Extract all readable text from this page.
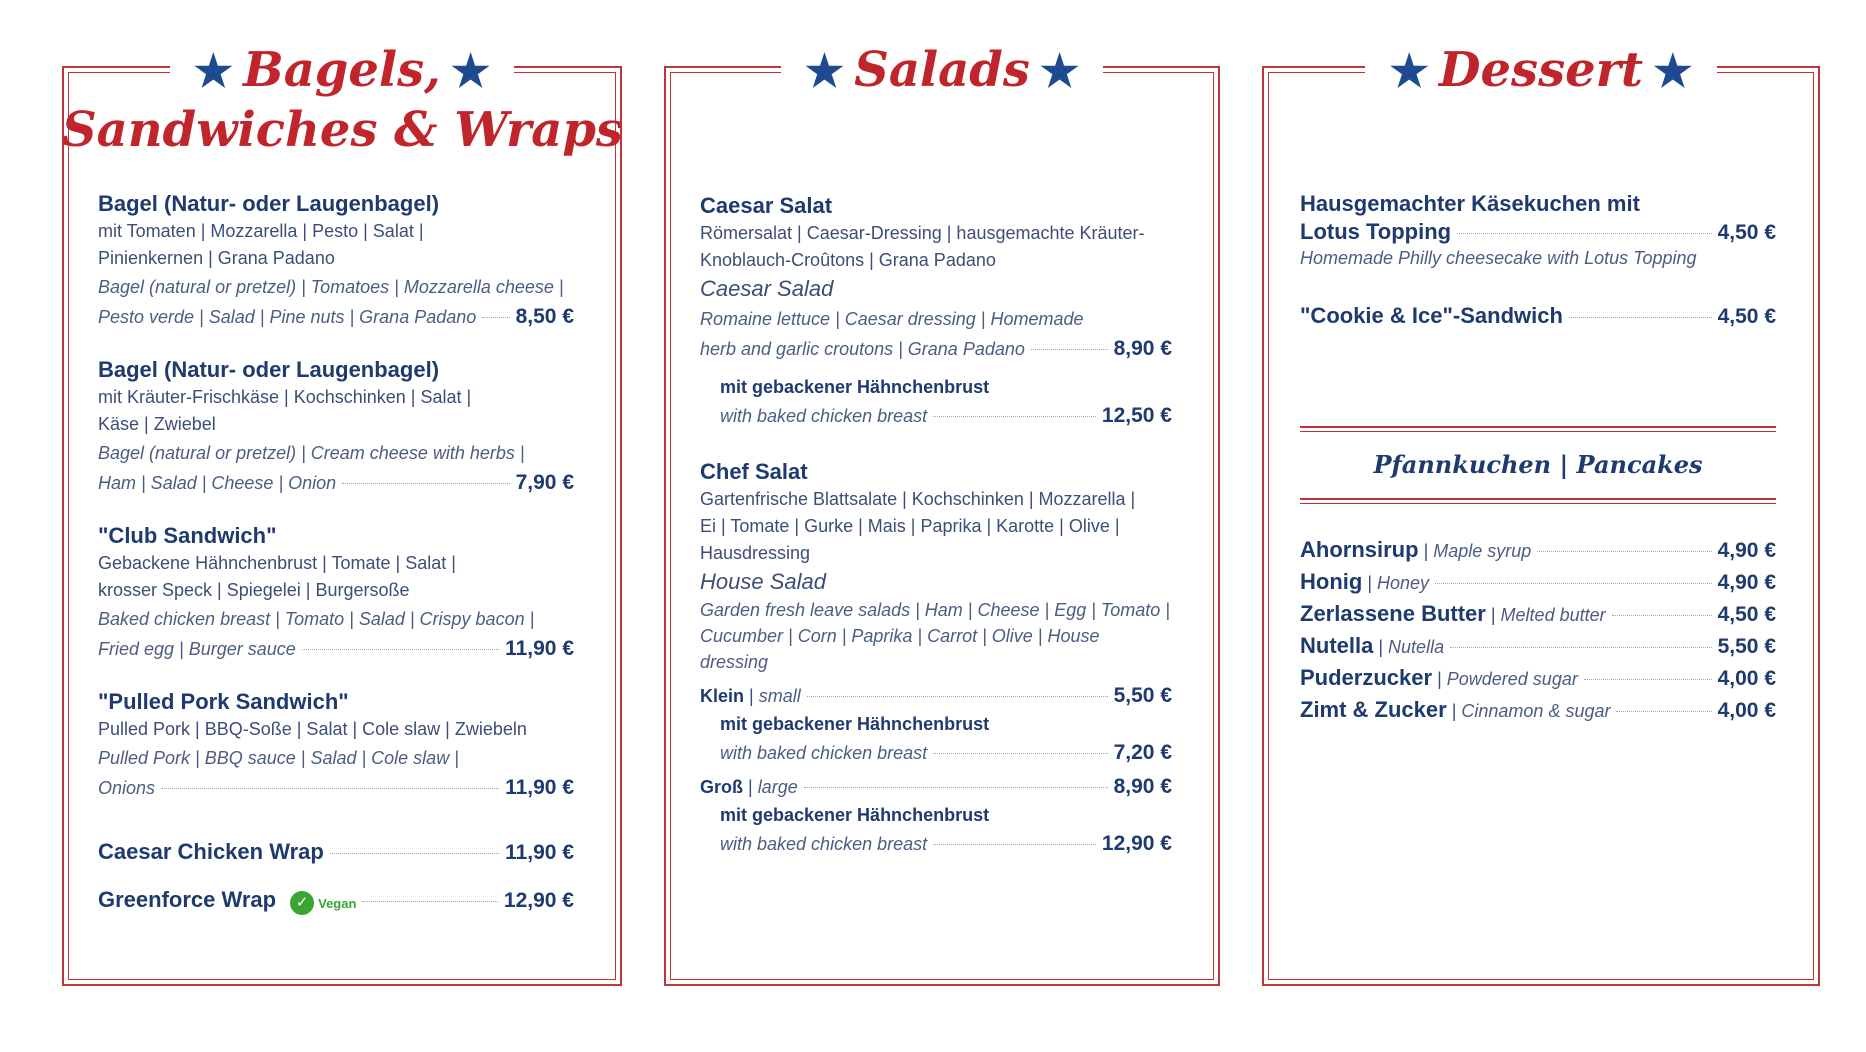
★ Bagels, ★
Sandwiches & Wraps
Bagel (Natur- oder Laugenbagel)
mit Tomaten | Mozzarella | Pesto | Salat |
Pinienkernen | Grana Padano
Bagel (natural or pretzel) | Tomatoes | Mozzarella cheese |
Pesto verde | Salad | Pine nuts | Grana Padano 8,50 €
Bagel (Natur- oder Laugenbagel)
mit Kräuter-Frischkäse | Kochschinken | Salat |
Käse | Zwiebel
Bagel (natural or pretzel) | Cream cheese with herbs |
Ham | Salad | Cheese | Onion	7,90 €
"Club Sandwich"
Gebackene Hähnchenbrust | Tomate | Salat |
krosser Speck | Spiegelei | Burgersoße
Baked chicken breast | Tomato | Salad | Crispy bacon |
Fried egg | Burger sauce	11,90 €
"Pulled Pork Sandwich"
Pulled Pork | BBQ-Soße | Salat | Cole slaw | Zwiebeln
Pulled Pork | BBQ sauce | Salad | Cole slaw |
Onions	11,90 €
Caesar Chicken Wrap	11,90 €
Greenforce Wrap	✓ Vegan	12,90 €
★ Salads ★
Caesar Salat
Römersalat | Caesar-Dressing | hausgemachte Kräuter-
Knoblauch-Croûtons | Grana Padano
Caesar Salad
Romaine lettuce | Caesar dressing | Homemade
herb and garlic croutons | Grana Padano	8,90 €
mit gebackener Hähnchenbrust
with baked chicken breast	12,50 €
Chef Salat
Gartenfrische Blattsalate | Kochschinken | Mozzarella |
Ei | Tomate | Gurke | Mais | Paprika | Karotte | Olive |
Hausdressing
House Salad
Garden fresh leave salads | Ham | Cheese | Egg | Tomato |
Cucumber | Corn | Paprika | Carrot | Olive | House dressing
Klein | small	5,50 €
mit gebackener Hähnchenbrust
with baked chicken breast	7,20 €
Groß | large	8,90 €
mit gebackener Hähnchenbrust
with baked chicken breast	12,90 €
★ Dessert ★
Hausgemachter Käsekuchen mit
Lotus Topping	4,50 €
Homemade Philly cheesecake with Lotus Topping
"Cookie & Ice"-Sandwich	4,50 €
Pfannkuchen | Pancakes
Ahornsirup | Maple syrup	4,90 €
Honig | Honey	4,90 €
Zerlassene Butter | Melted butter	4,50 €
Nutella | Nutella	5,50 €
Puderzucker | Powdered sugar	4,00 €
Zimt & Zucker | Cinnamon & sugar	4,00 €
